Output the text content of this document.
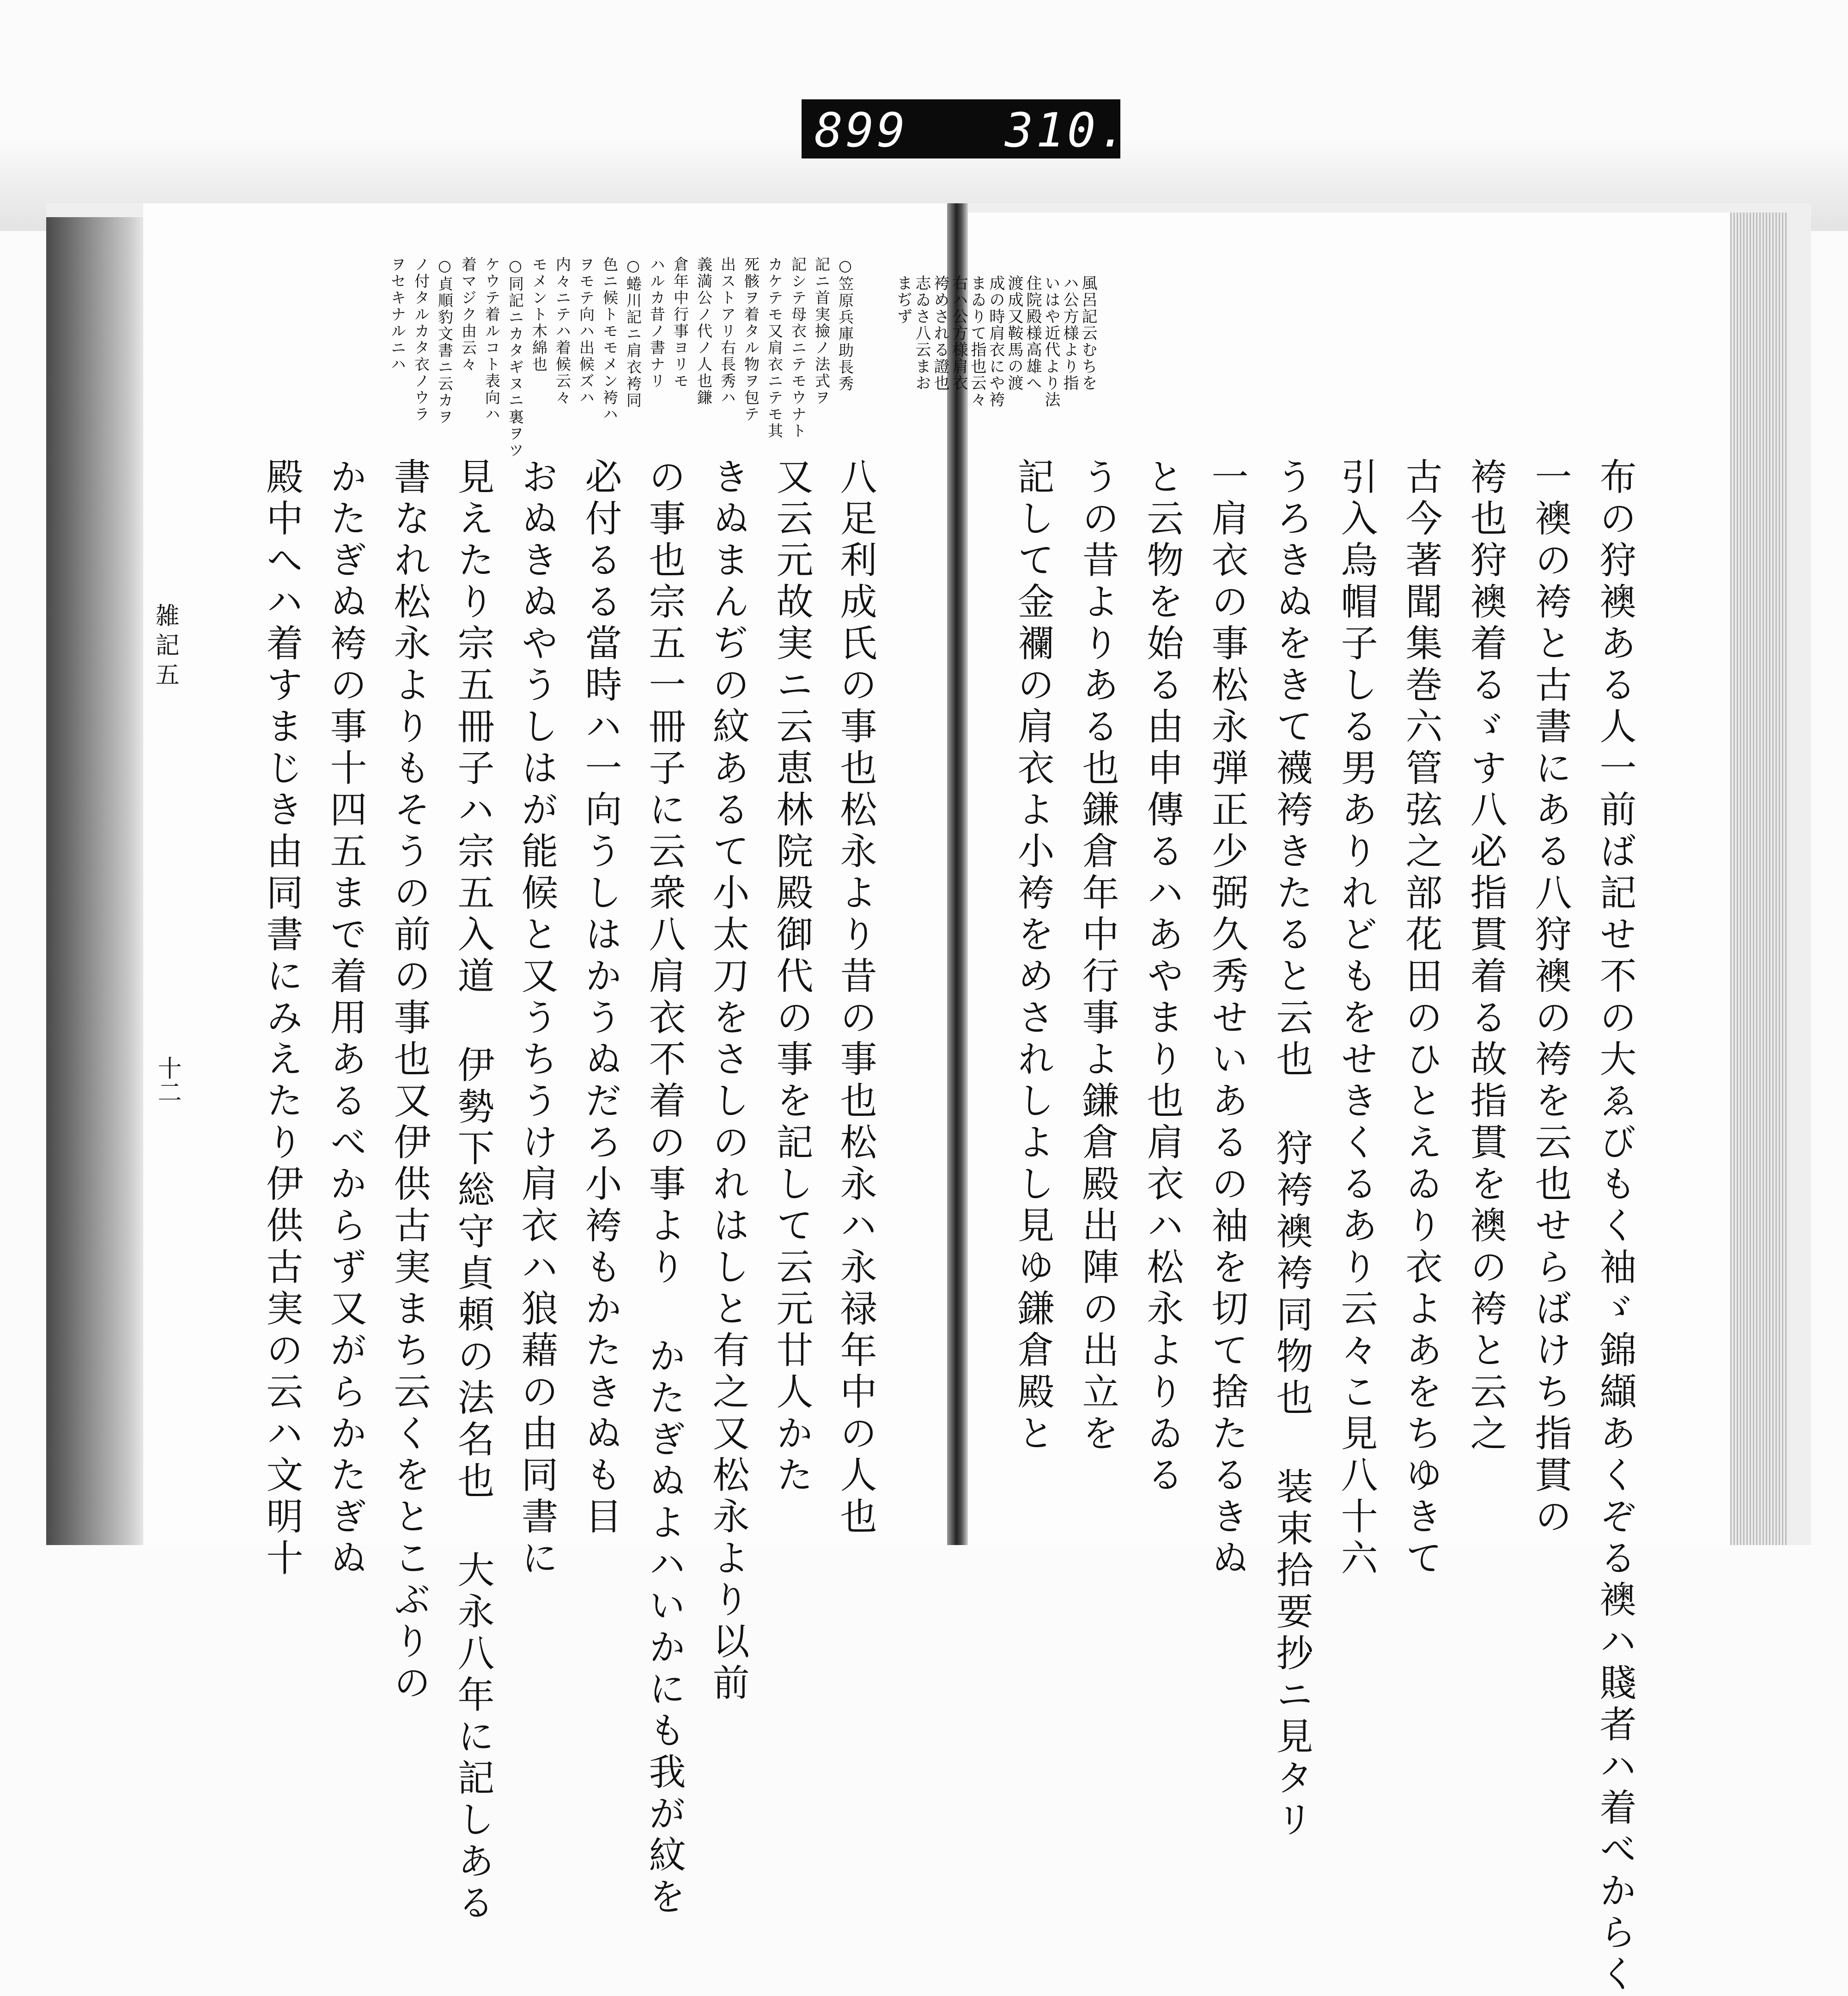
899 310.
風呂記云むちを
ハ公方様より指
いはや近代より法
住院殿様高雄へ
渡成又鞍馬の渡
成の時肩衣にや袴
まゐりて指也云々
右ハ公方様肩衣
袴めされる證也
志ゐさ八云まお
まぢず
布の狩襖ある人一前ば記せ不の大ゑびもく袖ゞ錦纈あくぞる襖ハ賤者ハ着べからく
一襖の袴と古書にある八狩襖の袴を云也せらばけち指貫の
袴也狩襖着るゞす八必指貫着る故指貫を襖の袴と云之
古今著聞集巻六管弦之部花田のひとえゐり衣よあをちゆきて
引入烏帽子しる男ありれどもをせきくるあり云々こ見八十六
うろきぬをきて襪袴きたると云也 狩袴襖袴同物也 装束拾要抄ニ見タリ
一肩衣の事松永弾正少弼久秀せいあるの袖を切て捨たるきぬ
と云物を始る由申傳るハあやまり也肩衣ハ松永よりゐる
うの昔よりある也鎌倉年中行事よ鎌倉殿出陣の出立を
記して金襴の肩衣よ小袴をめされしよし見ゆ鎌倉殿と
○笠原兵庫助長秀
記ニ首実撿ノ法式ヲ
記シテ母衣ニテモウナト
カケテモ又肩衣ニテモ其
死骸ヲ着タル物ヲ包テ
出ストアリ右長秀ハ
義満公ノ代ノ人也鎌
倉年中行事ヨリモ
ハルカ昔ノ書ナリ
○蜷川記ニ肩衣袴同
色ニ候トモモメン袴ハ
ヲモテ向ハ出候ズハ
内々ニテハ着候云々
モメント木綿也
○同記ニカタギヌニ裏ヲツ
ケウテ着ルコト表向ハ
着マジク由云々
○貞順豹文書ニ云カヲ
ノ付タルカタ衣ノウラ
ヲセキナルニハ
八足利成氏の事也松永より昔の事也松永ハ永禄年中の人也
又云元故実ニ云恵林院殿御代の事を記して云元廿人かた
きぬまんぢの紋あるて小太刀をさしのれはしと有之又松永より以前
の事也宗五一冊子に云衆八肩衣不着の事より かたぎぬよハいかにも我が紋を
必付るる當時ハ一向うしはかうぬだろ小袴もかたきぬも目
おぬきぬやうしはが能候と又うちうけ肩衣ハ狼藉の由同書に
見えたり宗五冊子ハ宗五入道 伊勢下総守貞頼の法名也 大永八年に記しある
書なれ松永よりもそうの前の事也又伊供古実まち云くをとこぶりの
かたぎぬ袴の事十四五まで着用あるべからず又がらかたぎぬ
殿中へハ着すまじき由同書にみえたり伊供古実の云ハ文明十
雑記五
十二
